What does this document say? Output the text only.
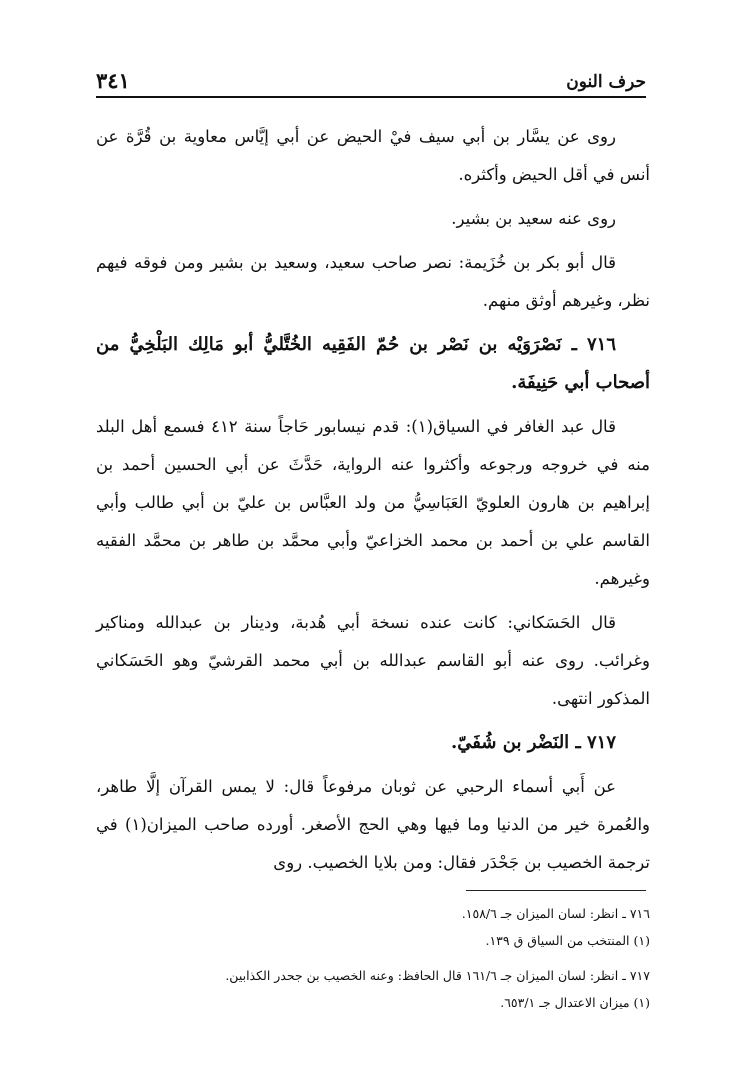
حرف النون
٣٤١

روى عن يسَّار بن أبي سيف فيْ الحيض عن أبي إيَّاس معاوية بن قُرَّة عن أنس في أقل الحيض وأكثره.

روى عنه سعيد بن بشير.

قال أبو بكر بن خُزَيمة: نصر صاحب سعيد، وسعيد بن بشير ومن فوقه فيهم نظر، وغيرهم أوثق منهم.

٧١٦ ـ نَصْرَوَيْه بن نَصْر بن حُمّ الفَقِيه الخُتَّليُّ أبو مَالِك البَلْخِيُّ من أصحاب أبي حَنِيفَة.

قال عبد الغافر في السياق(١): قدم نيسابور حَاجاً سنة ٤١٢ فسمع أهل البلد منه في خروجه ورجوعه وأكثروا عنه الرواية، حَدَّثَ عن أبي الحسين أحمد بن إبراهيم بن هارون العلويّ العَبَاسِيُّ من ولد العبَّاس بن عليّ بن أبي طالب وأبي القاسم علي بن أحمد بن محمد الخزاعيّ وأبي محمَّد بن طاهر بن محمَّد الفقيه وغيرهم.

قال الحَسَكاني: كانت عنده نسخة أبي هُدبة، ودينار بن عبدالله ومناكير وغرائب. روى عنه أبو القاسم عبدالله بن أبي محمد القرشيّ وهو الحَسَكاني المذكور انتهى.

٧١٧ ـ النَضْر بن شُفَيّ.

عن أَبي أسماء الرحبي عن ثوبان مرفوعاً قال: لا يمس القرآن إلَّا طاهر، والعُمرة خير من الدنيا وما فيها وهي الحج الأصغر. أورده صاحب الميزان(١) في ترجمة الخصيب بن جَحْدَر فقال: ومن بلايا الخصيب. روى

٧١٦ ـ انظر: لسان الميزان جـ ١٥٨/٦.

(١) المنتخب من السياق ق ١٣٩.

٧١٧ ـ انظر: لسان الميزان جـ ١٦١/٦ قال الحافظ: وعنه الخصيب بن جحدر الكذابين.

(١) ميزان الاعتدال جـ ٦٥٣/١.
